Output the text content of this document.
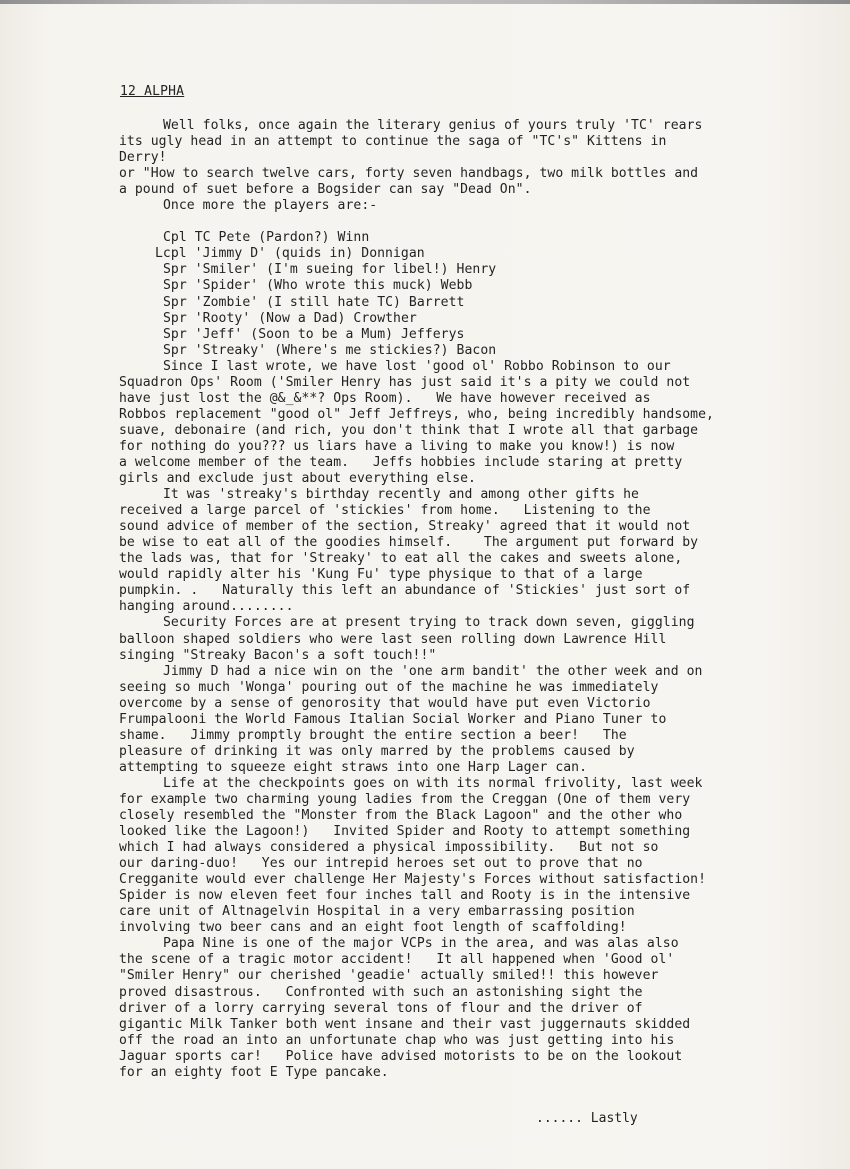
12 ALPHA
Well folks, once again the literary genius of yours truly 'TC' rears
its ugly head in an attempt to continue the saga of "TC's" Kittens in
Derry!
or "How to search twelve cars, forty seven handbags, two milk bottles and
a pound of suet before a Bogsider can say "Dead On".
Once more the players are:-
Cpl TC Pete (Pardon?) Winn
Lcpl 'Jimmy D' (quids in) Donnigan
Spr 'Smiler' (I'm sueing for libel!) Henry
Spr 'Spider' (Who wrote this muck) Webb
Spr 'Zombie' (I still hate TC) Barrett
Spr 'Rooty' (Now a Dad) Crowther
Spr 'Jeff' (Soon to be a Mum) Jefferys
Spr 'Streaky' (Where's me stickies?) Bacon
Since I last wrote, we have lost 'good ol' Robbo Robinson to our
Squadron Ops' Room ('Smiler Henry has just said it's a pity we could not
have just lost the @&_&**? Ops Room).   We have however received as
Robbos replacement "good ol" Jeff Jeffreys, who, being incredibly handsome,
suave, debonaire (and rich, you don't think that I wrote all that garbage
for nothing do you??? us liars have a living to make you know!) is now
a welcome member of the team.   Jeffs hobbies include staring at pretty
girls and exclude just about everything else.
It was 'streaky's birthday recently and among other gifts he
received a large parcel of 'stickies' from home.   Listening to the
sound advice of member of the section, Streaky' agreed that it would not
be wise to eat all of the goodies himself.    The argument put forward by
the lads was, that for 'Streaky' to eat all the cakes and sweets alone,
would rapidly alter his 'Kung Fu' type physique to that of a large
pumpkin. .   Naturally this left an abundance of 'Stickies' just sort of
hanging around........
Security Forces are at present trying to track down seven, giggling
balloon shaped soldiers who were last seen rolling down Lawrence Hill
singing "Streaky Bacon's a soft touch!!"
Jimmy D had a nice win on the 'one arm bandit' the other week and on
seeing so much 'Wonga' pouring out of the machine he was immediately
overcome by a sense of genorosity that would have put even Victorio
Frumpalooni the World Famous Italian Social Worker and Piano Tuner to
shame.   Jimmy promptly brought the entire section a beer!   The
pleasure of drinking it was only marred by the problems caused by
attempting to squeeze eight straws into one Harp Lager can.
Life at the checkpoints goes on with its normal frivolity, last week
for example two charming young ladies from the Creggan (One of them very
closely resembled the "Monster from the Black Lagoon" and the other who
looked like the Lagoon!)   Invited Spider and Rooty to attempt something
which I had always considered a physical impossibility.   But not so
our daring-duo!   Yes our intrepid heroes set out to prove that no
Cregganite would ever challenge Her Majesty's Forces without satisfaction!
Spider is now eleven feet four inches tall and Rooty is in the intensive
care unit of Altnagelvin Hospital in a very embarrassing position
involving two beer cans and an eight foot length of scaffolding!
Papa Nine is one of the major VCPs in the area, and was alas also
the scene of a tragic motor accident!   It all happened when 'Good ol'
"Smiler Henry" our cherished 'geadie' actually smiled!! this however
proved disastrous.   Confronted with such an astonishing sight the
driver of a lorry carrying several tons of flour and the driver of
gigantic Milk Tanker both went insane and their vast juggernauts skidded
off the road an into an unfortunate chap who was just getting into his
Jaguar sports car!   Police have advised motorists to be on the lookout
for an eighty foot E Type pancake.
...... Lastly
